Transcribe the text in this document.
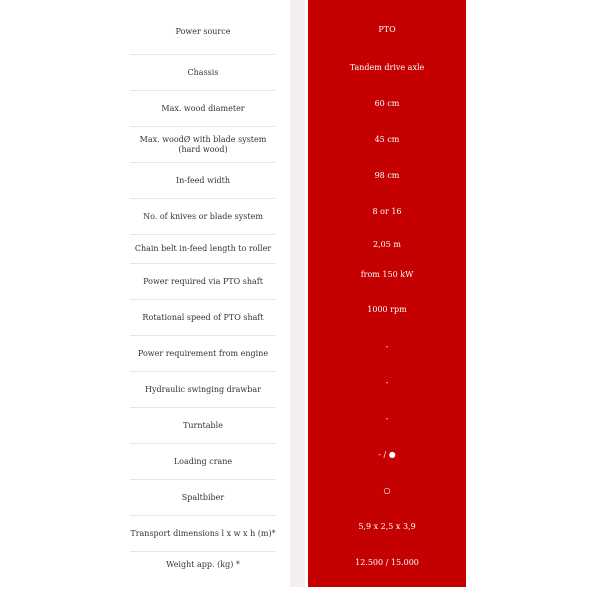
Power source
Chassis
Max. wood diameter
Max. woodØ with blade system (hard wood)
In-feed width
No. of knives or blade system
Chain belt in-feed length to roller
Power required via PTO shaft
Rotational speed of PTO shaft
Power requirement from engine
Hydraulic swinging drawbar
Turntable
Loading crane
Spaltbiber
Transport dimensions l x w x h (m)*
Weight app. (kg) *
PTO
Tandem drive axle
60 cm
45 cm
98 cm
8 or 16
2,05 m
from 150 kW
1000 rpm
-
-
-
- / ●
○
5,9 x 2,5 x 3,9
12.500 / 15.000
